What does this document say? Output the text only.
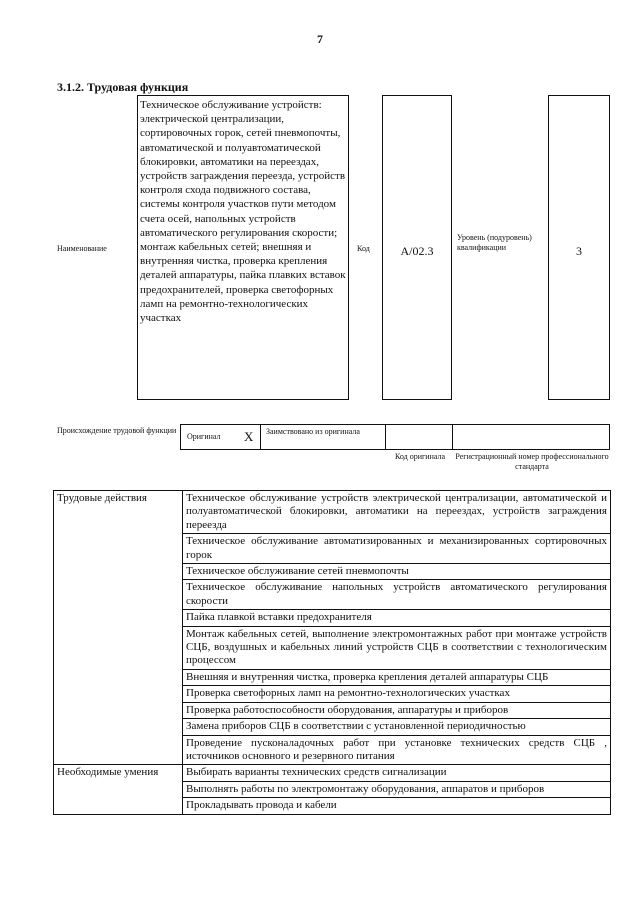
7
3.1.2. Трудовая функция
Наименование
Техническое обслуживание устройств: электрической централизации, сортировочных горок, сетей пневмопочты, автоматической и полуавтоматической блокировки, автоматики на переездах, устройств заграждения переезда, устройств контроля схода подвижного состава, системы контроля участков пути методом счета осей, напольных устройств автоматического регулирования скорости; монтаж кабельных сетей; внешняя и внутренняя чистка, проверка крепления деталей аппаратуры, пайка плавких вставок предохранителей, проверка светофорных ламп на ремонтно-технологических участках
Код	А/02.3
Уровень (подуровень) квалификации	3
Происхождение трудовой функции
Оригинал X Заимствовано из оригинала
Код оригинала	Регистрационный номер профессионального стандарта
Трудовые действия	Техническое обслуживание устройств электрической централизации, автоматической и полуавтоматической блокировки, автоматики на переездах, устройств заграждения переезда
	Техническое обслуживание автоматизированных и механизированных сортировочных горок
	Техническое обслуживание сетей пневмопочты
	Техническое обслуживание напольных устройств автоматического регулирования скорости
	Пайка плавкой вставки предохранителя
	Монтаж кабельных сетей, выполнение электромонтажных работ при монтаже устройств СЦБ, воздушных и кабельных линий устройств СЦБ в соответствии с технологическим процессом
	Внешняя и внутренняя чистка, проверка крепления деталей аппаратуры СЦБ
	Проверка светофорных ламп на ремонтно-технологических участках
	Проверка работоспособности оборудования, аппаратуры и приборов
	Замена приборов СЦБ в соответствии с установленной периодичностью
	Проведение пусконаладочных работ при установке технических средств СЦБ , источников основного и резервного питания
Необходимые умения	Выбирать варианты технических средств сигнализации
	Выполнять работы по электромонтажу оборудования, аппаратов и приборов
	Прокладывать провода и кабели
